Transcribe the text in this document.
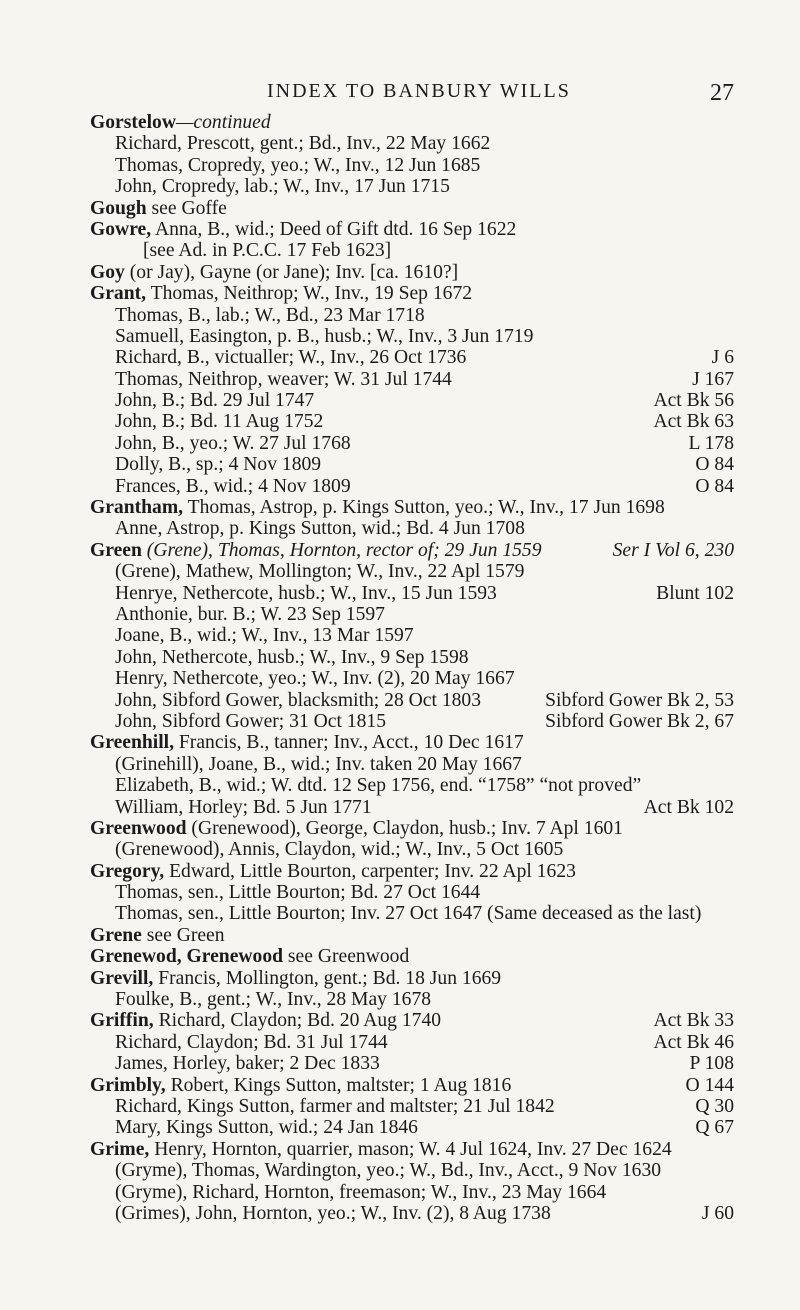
INDEX TO BANBURY WILLS	27
Gorstelow—continued
Richard, Prescott, gent.; Bd., Inv., 22 May 1662
Thomas, Cropredy, yeo.; W., Inv., 12 Jun 1685
John, Cropredy, lab.; W., Inv., 17 Jun 1715
Gough see Goffe
Gowre, Anna, B., wid.; Deed of Gift dtd. 16 Sep 1622
[see Ad. in P.C.C. 17 Feb 1623]
Goy (or Jay), Gayne (or Jane); Inv. [ca. 1610?]
Grant, Thomas, Neithrop; W., Inv., 19 Sep 1672
Thomas, B., lab.; W., Bd., 23 Mar 1718
Samuell, Easington, p. B., husb.; W., Inv., 3 Jun 1719
Richard, B., victualler; W., Inv., 26 Oct 1736	J 6
Thomas, Neithrop, weaver; W. 31 Jul 1744	J 167
John, B.; Bd. 29 Jul 1747	Act Bk 56
John, B.; Bd. 11 Aug 1752	Act Bk 63
John, B., yeo.; W. 27 Jul 1768	L 178
Dolly, B., sp.; 4 Nov 1809	O 84
Frances, B., wid.; 4 Nov 1809	O 84
Grantham, Thomas, Astrop, p. Kings Sutton, yeo.; W., Inv., 17 Jun 1698
Anne, Astrop, p. Kings Sutton, wid.; Bd. 4 Jun 1708
Green (Grene), Thomas, Hornton, rector of; 29 Jun 1559	Ser I Vol 6, 230
(Grene), Mathew, Mollington; W., Inv., 22 Apl 1579
Henrye, Nethercote, husb.; W., Inv., 15 Jun 1593	Blunt 102
Anthonie, bur. B.; W. 23 Sep 1597
Joane, B., wid.; W., Inv., 13 Mar 1597
John, Nethercote, husb.; W., Inv., 9 Sep 1598
Henry, Nethercote, yeo.; W., Inv. (2), 20 May 1667
John, Sibford Gower, blacksmith; 28 Oct 1803	Sibford Gower Bk 2, 53
John, Sibford Gower; 31 Oct 1815	Sibford Gower Bk 2, 67
Greenhill, Francis, B., tanner; Inv., Acct., 10 Dec 1617
(Grinehill), Joane, B., wid.; Inv. taken 20 May 1667
Elizabeth, B., wid.; W. dtd. 12 Sep 1756, end. “1758” “not proved”
William, Horley; Bd. 5 Jun 1771	Act Bk 102
Greenwood (Grenewood), George, Claydon, husb.; Inv. 7 Apl 1601
(Grenewood), Annis, Claydon, wid.; W., Inv., 5 Oct 1605
Gregory, Edward, Little Bourton, carpenter; Inv. 22 Apl 1623
Thomas, sen., Little Bourton; Bd. 27 Oct 1644
Thomas, sen., Little Bourton; Inv. 27 Oct 1647 (Same deceased as the last)
Grene see Green
Grenewod, Grenewood see Greenwood
Grevill, Francis, Mollington, gent.; Bd. 18 Jun 1669
Foulke, B., gent.; W., Inv., 28 May 1678
Griffin, Richard, Claydon; Bd. 20 Aug 1740	Act Bk 33
Richard, Claydon; Bd. 31 Jul 1744	Act Bk 46
James, Horley, baker; 2 Dec 1833	P 108
Grimbly, Robert, Kings Sutton, maltster; 1 Aug 1816	O 144
Richard, Kings Sutton, farmer and maltster; 21 Jul 1842	Q 30
Mary, Kings Sutton, wid.; 24 Jan 1846	Q 67
Grime, Henry, Hornton, quarrier, mason; W. 4 Jul 1624, Inv. 27 Dec 1624
(Gryme), Thomas, Wardington, yeo.; W., Bd., Inv., Acct., 9 Nov 1630
(Gryme), Richard, Hornton, freemason; W., Inv., 23 May 1664
(Grimes), John, Hornton, yeo.; W., Inv. (2), 8 Aug 1738	J 60
